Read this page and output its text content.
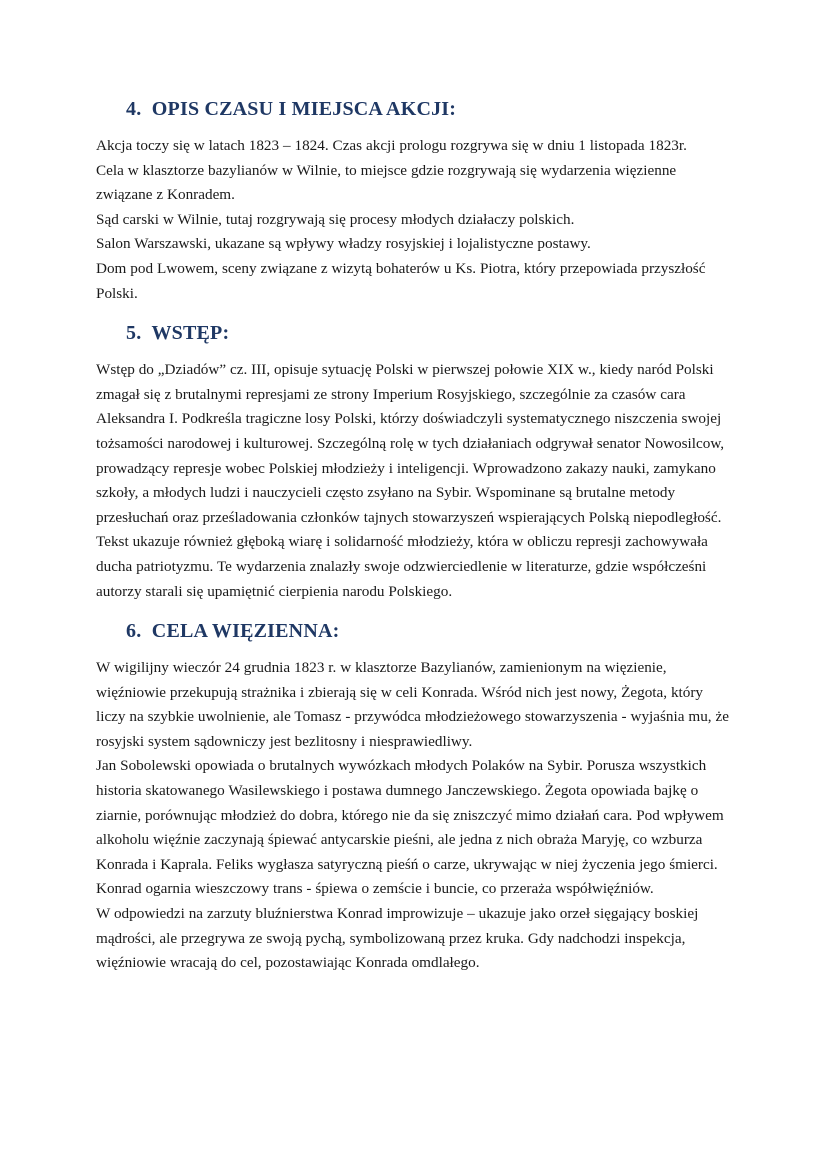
4.  OPIS CZASU I MIEJSCA AKCJI:

Akcja toczy się w latach 1823 – 1824. Czas akcji prologu rozgrywa się w dniu 1 listopada 1823r.

Cela w klasztorze bazylianów w Wilnie, to miejsce gdzie rozgrywają się wydarzenia więzienne związane z Konradem.

Sąd carski w Wilnie, tutaj rozgrywają się procesy młodych działaczy polskich.

Salon Warszawski, ukazane są wpływy władzy rosyjskiej i lojalistyczne postawy.

Dom pod Lwowem, sceny związane z wizytą bohaterów u Ks. Piotra, który przepowiada przyszłość Polski.

5.  WSTĘP:

Wstęp do „Dziadów” cz. III, opisuje sytuację Polski w pierwszej połowie XIX w., kiedy naród Polski zmagał się z brutalnymi represjami ze strony Imperium Rosyjskiego, szczególnie za czasów cara Aleksandra I. Podkreśla tragiczne losy Polski, którzy doświadczyli systematycznego niszczenia swojej tożsamości narodowej i kulturowej. Szczególną rolę w tych działaniach odgrywał senator Nowosilcow, prowadzący represje wobec Polskiej młodzieży i inteligencji. Wprowadzono zakazy nauki, zamykano szkoły, a młodych ludzi i nauczycieli często zsyłano na Sybir. Wspominane są brutalne metody przesłuchań oraz prześladowania członków tajnych stowarzyszeń wspierających Polską niepodległość. Tekst ukazuje również głęboką wiarę i solidarność młodzieży, która w obliczu represji zachowywała ducha patriotyzmu. Te wydarzenia znalazły swoje odzwierciedlenie w literaturze, gdzie współcześni autorzy starali się upamiętnić cierpienia narodu Polskiego.

6.  CELA WIĘZIENNA:

W wigilijny wieczór 24 grudnia 1823 r. w klasztorze Bazylianów, zamienionym na więzienie, więźniowie przekupują strażnika i zbierają się w celi Konrada. Wśród nich jest nowy, Żegota, który liczy na szybkie uwolnienie, ale Tomasz - przywódca młodzieżowego stowarzyszenia - wyjaśnia mu, że rosyjski system sądowniczy jest bezlitosny i niesprawiedliwy.

Jan Sobolewski opowiada o brutalnych wywózkach młodych Polaków na Sybir. Porusza wszystkich historia skatowanego Wasilewskiego i postawa dumnego Janczewskiego. Żegota opowiada bajkę o ziarnie, porównując młodzież do dobra, którego nie da się zniszczyć mimo działań cara. Pod wpływem alkoholu więźnie zaczynają śpiewać antycarskie pieśni, ale jedna z nich obraża Maryję, co wzburza Konrada i Kaprala. Feliks wygłasza satyryczną pieśń o carze, ukrywając w niej życzenia jego śmierci. Konrad ogarnia wieszczowy trans - śpiewa o zemście i buncie, co przeraża współwięźniów.

W odpowiedzi na zarzuty bluźnierstwa Konrad improwizuje – ukazuje jako orzeł sięgający boskiej mądrości, ale przegrywa ze swoją pychą, symbolizowaną przez kruka. Gdy nadchodzi inspekcja, więźniowie wracają do cel, pozostawiając Konrada omdlałego.
